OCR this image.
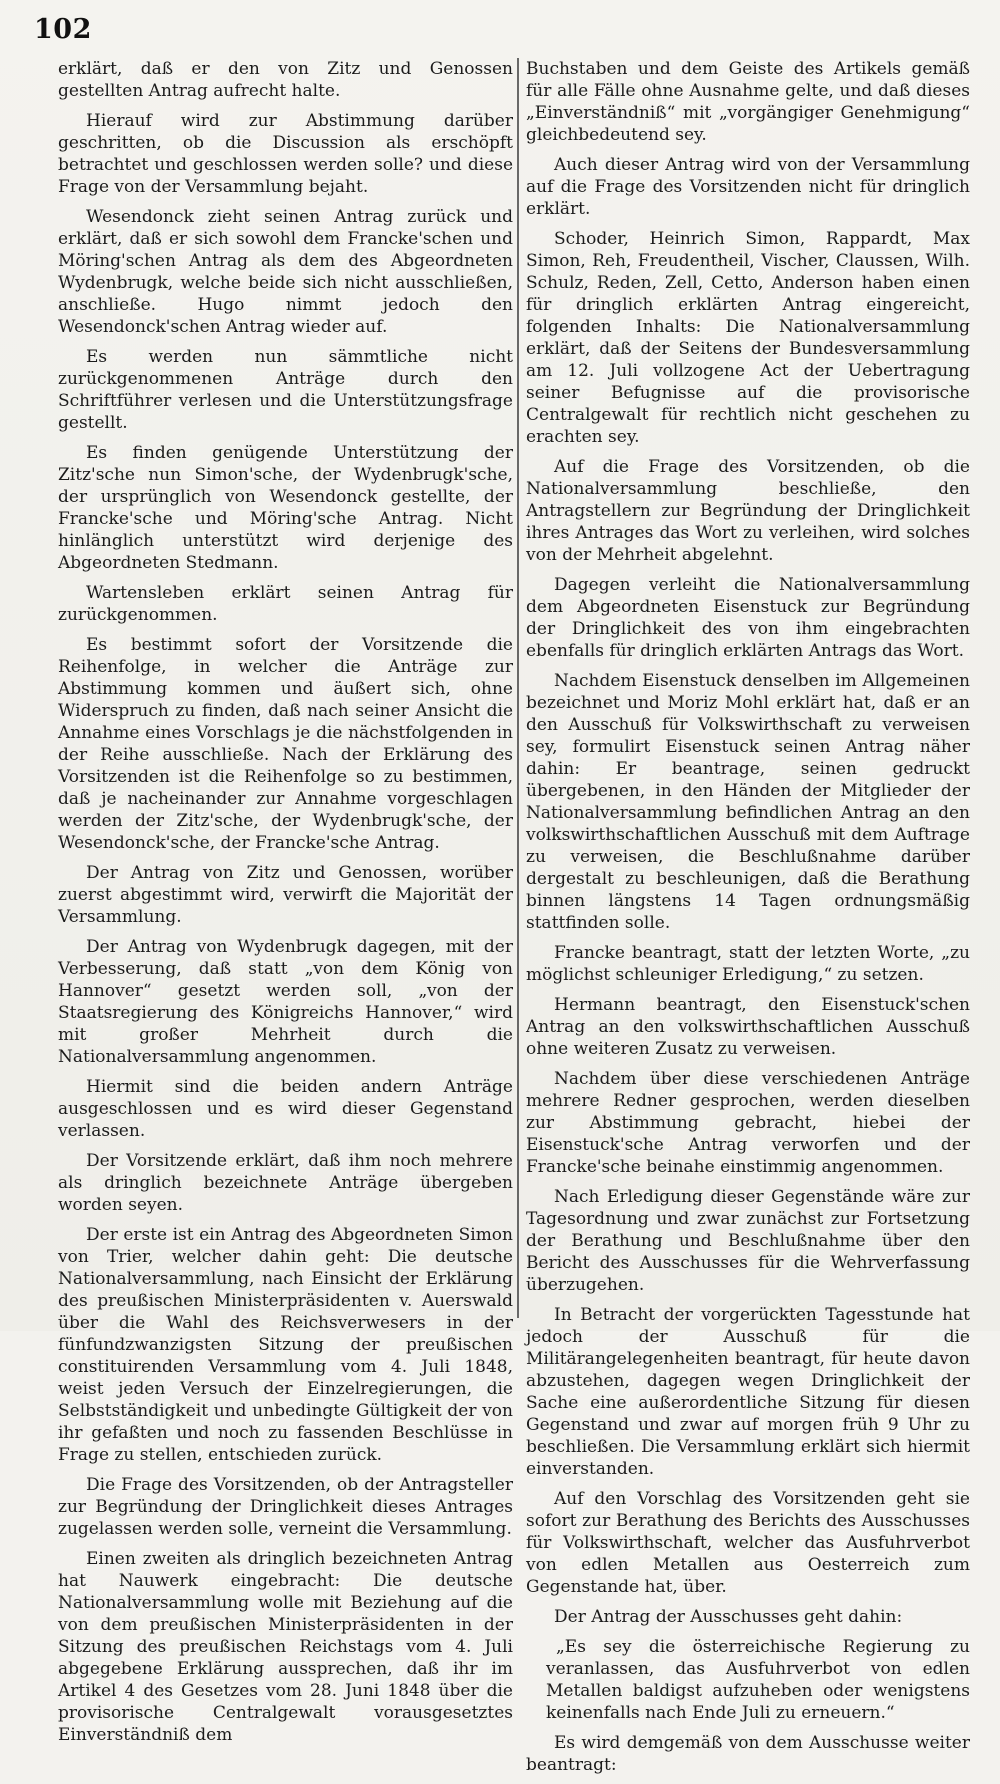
102

erklärt, daß er den von Zitz und Genossen gestellten Antrag aufrecht halte.

Hierauf wird zur Abstimmung darüber geschritten, ob die Discussion als erschöpft betrachtet und geschlossen werden solle? und diese Frage von der Versammlung bejaht.

Wesendonck zieht seinen Antrag zurück und erklärt, daß er sich sowohl dem Francke'schen und Möring'schen Antrag als dem des Abgeordneten Wydenbrugk, welche beide sich nicht ausschließen, anschließe. Hugo nimmt jedoch den Wesendonck'schen Antrag wieder auf.

Es werden nun sämmtliche nicht zurückgenommenen Anträge durch den Schriftführer verlesen und die Unterstützungsfrage gestellt.

Es finden genügende Unterstützung der Zitz'sche nun Simon'sche, der Wydenbrugk'sche, der ursprünglich von Wesendonck gestellte, der Francke'sche und Möring'sche Antrag. Nicht hinlänglich unterstützt wird derjenige des Abgeordneten Stedmann.

Wartensleben erklärt seinen Antrag für zurückgenommen.

Es bestimmt sofort der Vorsitzende die Reihenfolge, in welcher die Anträge zur Abstimmung kommen und äußert sich, ohne Widerspruch zu finden, daß nach seiner Ansicht die Annahme eines Vorschlags je die nächstfolgenden in der Reihe ausschließe. Nach der Erklärung des Vorsitzenden ist die Reihenfolge so zu bestimmen, daß je nacheinander zur Annahme vorgeschlagen werden der Zitz'sche, der Wydenbrugk'sche, der Wesendonck'sche, der Francke'sche Antrag.

Der Antrag von Zitz und Genossen, worüber zuerst abgestimmt wird, verwirft die Majorität der Versammlung.

Der Antrag von Wydenbrugk dagegen, mit der Verbesserung, daß statt „von dem König von Hannover“ gesetzt werden soll, „von der Staatsregierung des Königreichs Hannover,“ wird mit großer Mehrheit durch die Nationalversammlung angenommen.

Hiermit sind die beiden andern Anträge ausgeschlossen und es wird dieser Gegenstand verlassen.

Der Vorsitzende erklärt, daß ihm noch mehrere als dringlich bezeichnete Anträge übergeben worden seyen.

Der erste ist ein Antrag des Abgeordneten Simon von Trier, welcher dahin geht: Die deutsche Nationalversammlung, nach Einsicht der Erklärung des preußischen Ministerpräsidenten v. Auerswald über die Wahl des Reichsverwesers in der fünfundzwanzigsten Sitzung der preußischen constituirenden Versammlung vom 4. Juli 1848, weist jeden Versuch der Einzelregierungen, die Selbstständigkeit und unbedingte Gültigkeit der von ihr gefaßten und noch zu fassenden Beschlüsse in Frage zu stellen, entschieden zurück.

Die Frage des Vorsitzenden, ob der Antragsteller zur Begründung der Dringlichkeit dieses Antrages zugelassen werden solle, verneint die Versammlung.

Einen zweiten als dringlich bezeichneten Antrag hat Nauwerk eingebracht: Die deutsche Nationalversammlung wolle mit Beziehung auf die von dem preußischen Ministerpräsidenten in der Sitzung des preußischen Reichstags vom 4. Juli abgegebene Erklärung aussprechen, daß ihr im Artikel 4 des Gesetzes vom 28. Juni 1848 über die provisorische Centralgewalt vorausgesetztes Einverständniß dem

Buchstaben und dem Geiste des Artikels gemäß für alle Fälle ohne Ausnahme gelte, und daß dieses „Einverständniß“ mit „vorgängiger Genehmigung“ gleichbedeutend sey.

Auch dieser Antrag wird von der Versammlung auf die Frage des Vorsitzenden nicht für dringlich erklärt.

Schoder, Heinrich Simon, Rappardt, Max Simon, Reh, Freudentheil, Vischer, Claussen, Wilh. Schulz, Reden, Zell, Cetto, Anderson haben einen für dringlich erklärten Antrag eingereicht, folgenden Inhalts: Die Nationalversammlung erklärt, daß der Seitens der Bundesversammlung am 12. Juli vollzogene Act der Uebertragung seiner Befugnisse auf die provisorische Centralgewalt für rechtlich nicht geschehen zu erachten sey.

Auf die Frage des Vorsitzenden, ob die Nationalversammlung beschließe, den Antragstellern zur Begründung der Dringlichkeit ihres Antrages das Wort zu verleihen, wird solches von der Mehrheit abgelehnt.

Dagegen verleiht die Nationalversammlung dem Abgeordneten Eisenstuck zur Begründung der Dringlichkeit des von ihm eingebrachten ebenfalls für dringlich erklärten Antrags das Wort.

Nachdem Eisenstuck denselben im Allgemeinen bezeichnet und Moriz Mohl erklärt hat, daß er an den Ausschuß für Volkswirthschaft zu verweisen sey, formulirt Eisenstuck seinen Antrag näher dahin: Er beantrage, seinen gedruckt übergebenen, in den Händen der Mitglieder der Nationalversammlung befindlichen Antrag an den volkswirthschaftlichen Ausschuß mit dem Auftrage zu verweisen, die Beschlußnahme darüber dergestalt zu beschleunigen, daß die Berathung binnen längstens 14 Tagen ordnungsmäßig stattfinden solle.

Francke beantragt, statt der letzten Worte, „zu möglichst schleuniger Erledigung,“ zu setzen.

Hermann beantragt, den Eisenstuck'schen Antrag an den volkswirthschaftlichen Ausschuß ohne weiteren Zusatz zu verweisen.

Nachdem über diese verschiedenen Anträge mehrere Redner gesprochen, werden dieselben zur Abstimmung gebracht, hiebei der Eisenstuck'sche Antrag verworfen und der Francke'sche beinahe einstimmig angenommen.

Nach Erledigung dieser Gegenstände wäre zur Tagesordnung und zwar zunächst zur Fortsetzung der Berathung und Beschlußnahme über den Bericht des Ausschusses für die Wehrverfassung überzugehen.

In Betracht der vorgerückten Tagesstunde hat jedoch der Ausschuß für die Militärangelegenheiten beantragt, für heute davon abzustehen, dagegen wegen Dringlichkeit der Sache eine außerordentliche Sitzung für diesen Gegenstand und zwar auf morgen früh 9 Uhr zu beschließen. Die Versammlung erklärt sich hiermit einverstanden.

Auf den Vorschlag des Vorsitzenden geht sie sofort zur Berathung des Berichts des Ausschusses für Volkswirthschaft, welcher das Ausfuhrverbot von edlen Metallen aus Oesterreich zum Gegenstande hat, über.

Der Antrag der Ausschusses geht dahin:

„Es sey die österreichische Regierung zu veranlassen, das Ausfuhrverbot von edlen Metallen baldigst aufzuheben oder wenigstens keinenfalls nach Ende Juli zu erneuern.“

Es wird demgemäß von dem Ausschusse weiter beantragt:
